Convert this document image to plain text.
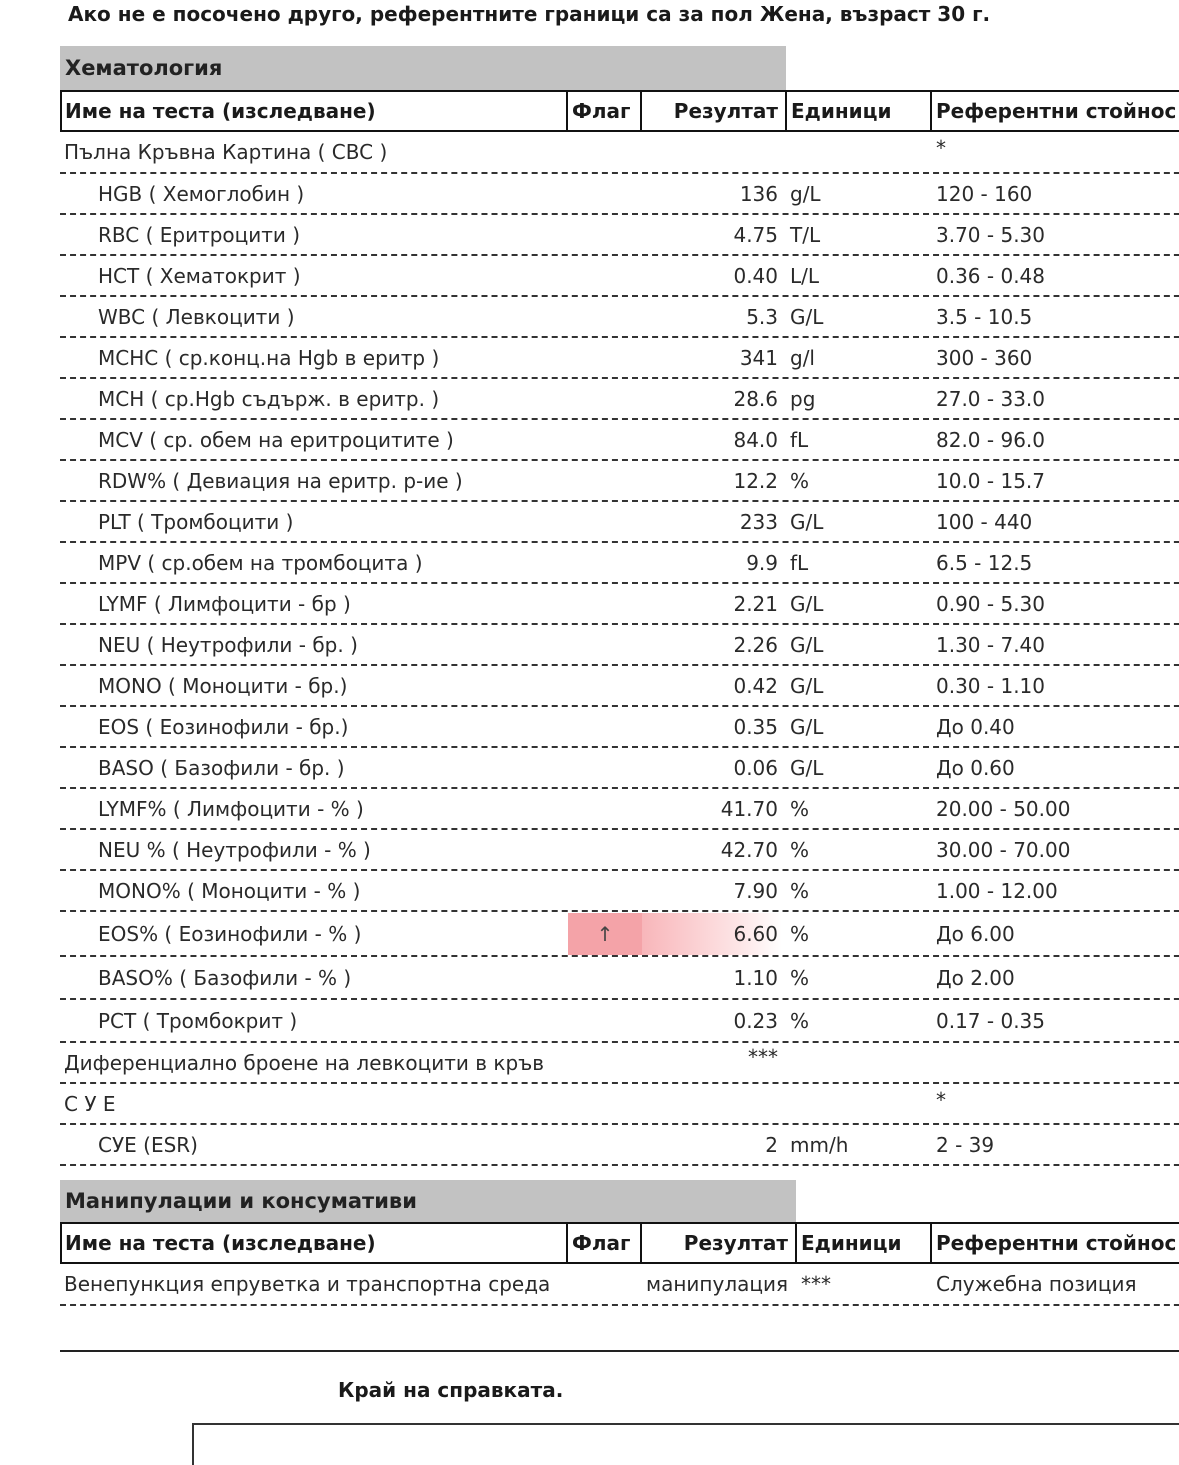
Ако не е посочено друго, референтните граници са за пол Жена, възраст 30 г.
Хематология
Име на теста (изследване)	Флаг	Резултат Единици Референтни стойнос
Пълна Кръвна Картина ( CBC )	*
HGB ( Хемоглобин )	136 g/L	120 - 160
RBC ( Еритроцити )	4.75 T/L	3.70 - 5.30
HCT ( Хематокрит )	0.40 L/L	0.36 - 0.48
WBC ( Левкоцити )	5.3 G/L	3.5 - 10.5
MCHC ( ср.конц.на Hgb в еритр )	341 g/l	300 - 360
MCH ( ср.Hgb съдърж. в еритр. )	28.6 pg	27.0 - 33.0
MCV ( ср. обем на еритроцитите )	84.0 fL	82.0 - 96.0
RDW% ( Девиация на еритр. р-ие )	12.2 %	10.0 - 15.7
PLT ( Тромбоцити )	233 G/L	100 - 440
MPV ( ср.обем на тромбоцита )	9.9 fL	6.5 - 12.5
LYMF ( Лимфоцити - бр )	2.21 G/L	0.90 - 5.30
NEU ( Неутрофили - бр. )	2.26 G/L	1.30 - 7.40
MONO ( Моноцити - бр.)	0.42 G/L	0.30 - 1.10
EOS ( Еозинофили - бр.)	0.35 G/L	До 0.40
BASO ( Базофили - бр. )	0.06 G/L	До 0.60
LYMF% ( Лимфоцити - % )	41.70 %	20.00 - 50.00
NEU % ( Неутрофили - % )	42.70 %	30.00 - 70.00
MONO% ( Моноцити - % )	7.90 %	1.00 - 12.00
EOS% ( Еозинофили - % )	↑	6.60 %	До 6.00
BASO% ( Базофили - % )	1.10 %	До 2.00
PCT ( Тромбокрит )	0.23 %	0.17 - 0.35
Диференциално броене на левкоцити в кръв	***
С У Е	*
СУЕ (ESR)	2 mm/h	2 - 39
Манипулации и консумативи
Име на теста (изследване)	Флаг	Резултат Единици Референтни стойнос
Венепункция епруветка и транспортна среда	манипулация ***	Служебна позиция
Край на справката.
